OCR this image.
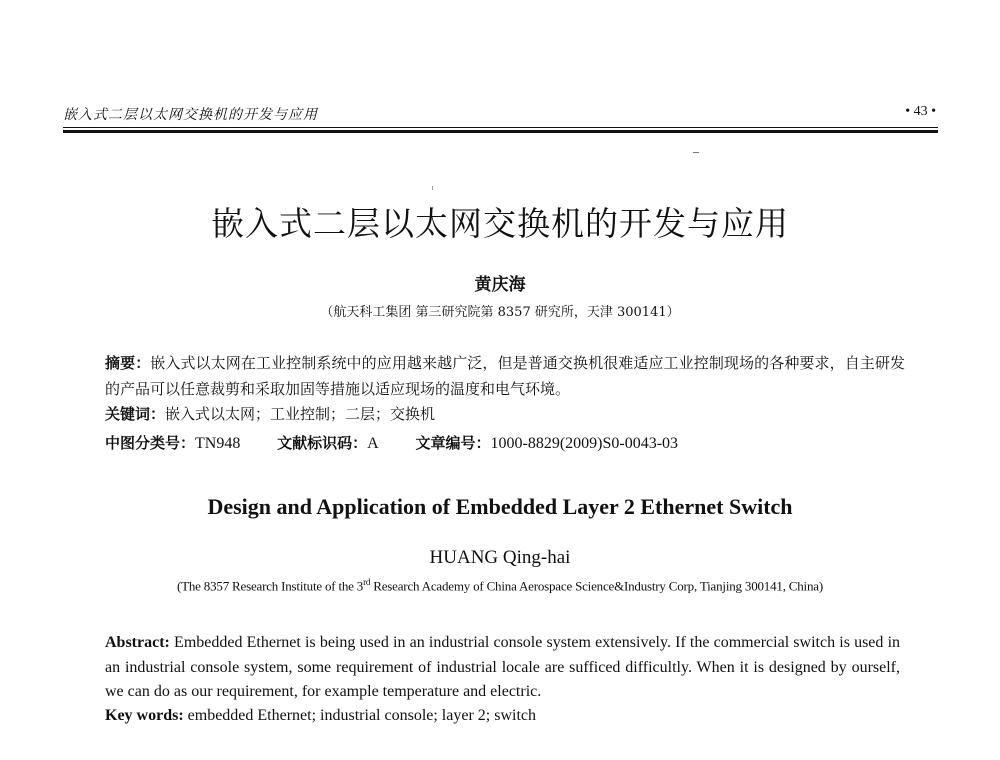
嵌入式二层以太网交换机的开发与应用	• 43 •
嵌入式二层以太网交换机的开发与应用
黄庆海
（航天科工集团 第三研究院第 8357 研究所，天津 300141）
摘要：嵌入式以太网在工业控制系统中的应用越来越广泛，但是普通交换机很难适应工业控制现场的各种要求，自主研发的产品可以任意裁剪和采取加固等措施以适应现场的温度和电气环境。
关键词：嵌入式以太网；工业控制；二层；交换机
中图分类号：TN948 文献标识码：A 文章编号：1000-8829(2009)S0-0043-03
Design and Application of Embedded Layer 2 Ethernet Switch
HUANG Qing-hai
(The 8357 Research Institute of the 3rd Research Academy of China Aerospace Science&Industry Corp, Tianjing 300141, China)
Abstract: Embedded Ethernet is being used in an industrial console system extensively. If the commercial switch is used in an industrial console system, some requirement of industrial locale are sufficed difficultly. When it is designed by ourself, we can do as our requirement, for example temperature and electric.
Key words: embedded Ethernet; industrial console; layer 2; switch
